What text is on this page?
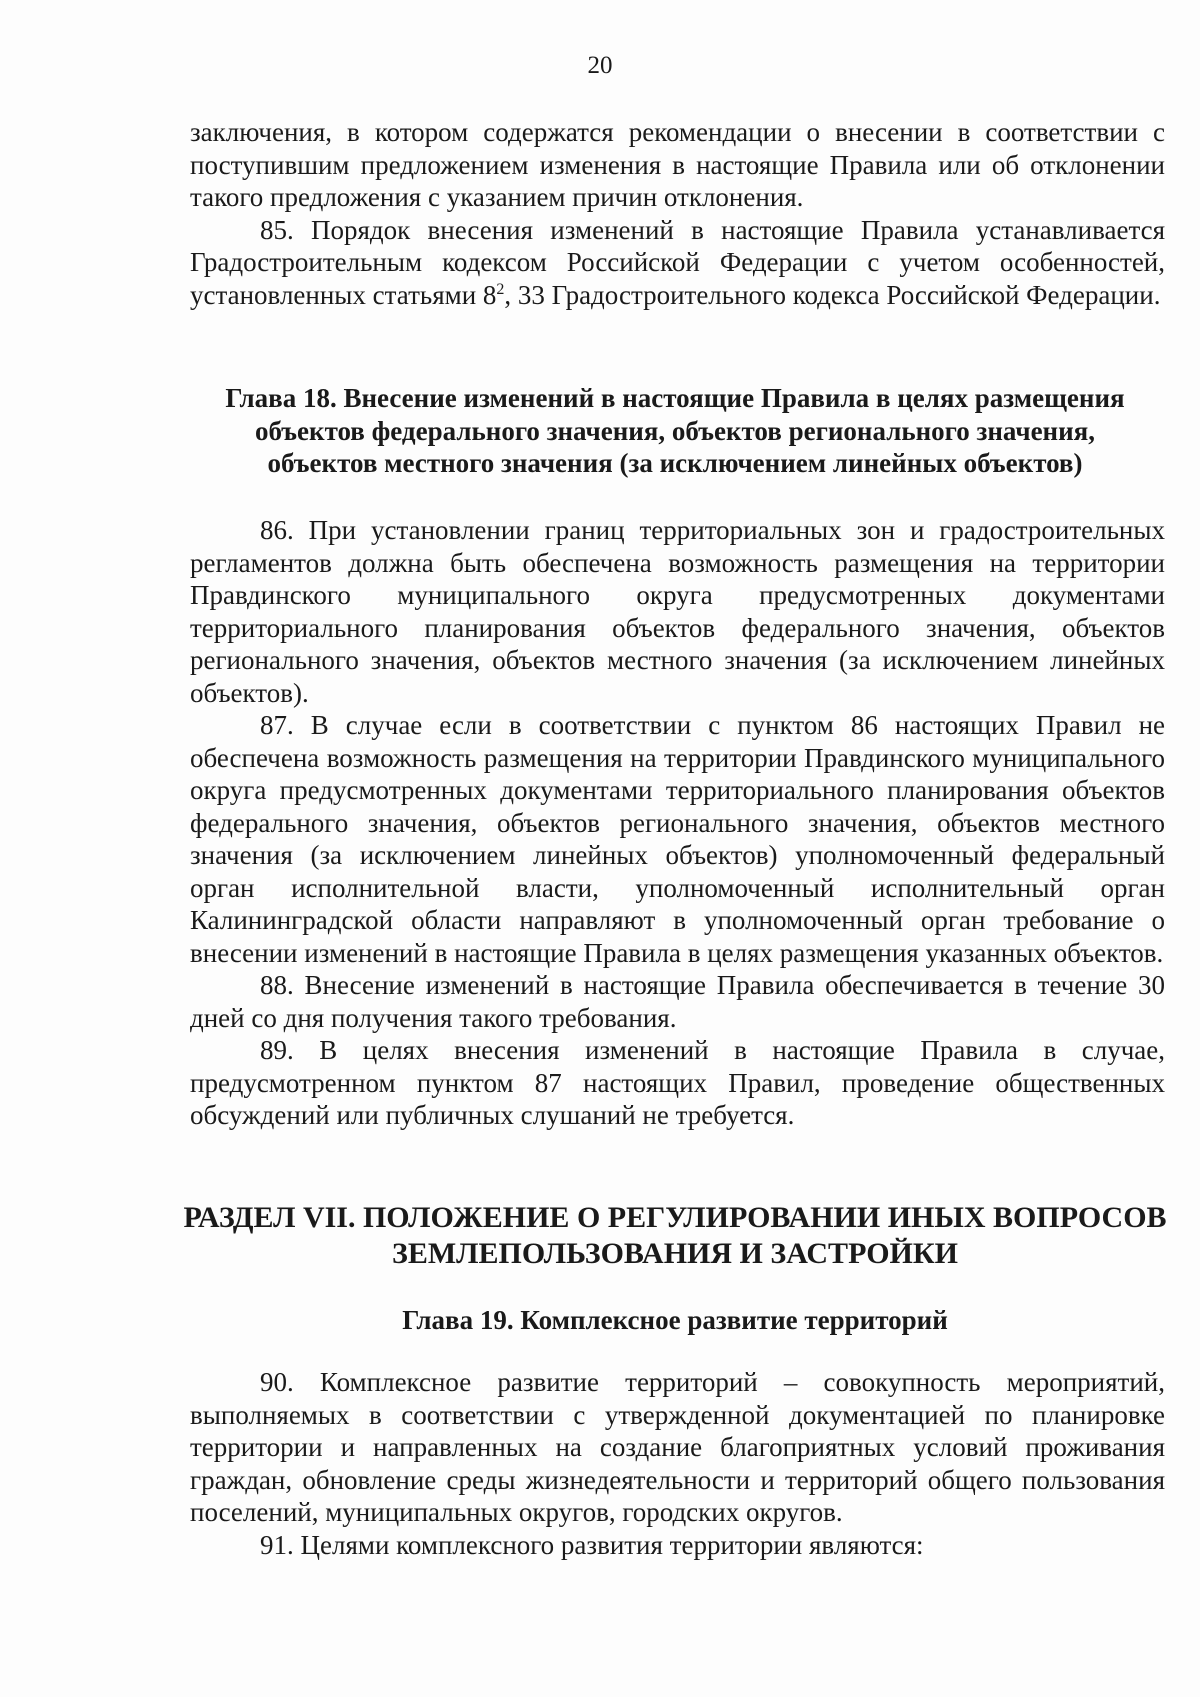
20

заключения, в котором содержатся рекомендации о внесении в соответствии с поступившим предложением изменения в настоящие Правила или об отклонении такого предложения с указанием причин отклонения.

85. Порядок внесения изменений в настоящие Правила устанавливается Градостроительным кодексом Российской Федерации с учетом особенностей, установленных статьями $8^2$, 33 Градостроительного кодекса Российской Федерации.

Глава 18. Внесение изменений в настоящие Правила в целях размещения
объектов федерального значения, объектов регионального значения,
объектов местного значения (за исключением линейных объектов)

86. При установлении границ территориальных зон и градостроительных регламентов должна быть обеспечена возможность размещения на территории Правдинского муниципального округа предусмотренных документами территориального планирования объектов федерального значения, объектов регионального значения, объектов местного значения (за исключением линейных объектов).

87. В случае если в соответствии с пунктом 86 настоящих Правил не обеспечена возможность размещения на территории Правдинского муниципального округа предусмотренных документами территориального планирования объектов федерального значения, объектов регионального значения, объектов местного значения (за исключением линейных объектов) уполномоченный федеральный орган исполнительной власти, уполномоченный исполнительный орган Калининградской области направляют в уполномоченный орган требование о внесении изменений в настоящие Правила в целях размещения указанных объектов.

88. Внесение изменений в настоящие Правила обеспечивается в течение 30 дней со дня получения такого требования.

89. В целях внесения изменений в настоящие Правила в случае, предусмотренном пунктом 87 настоящих Правил, проведение общественных обсуждений или публичных слушаний не требуется.

РАЗДЕЛ VII. ПОЛОЖЕНИЕ О РЕГУЛИРОВАНИИ ИНЫХ ВОПРОСОВ
ЗЕМЛЕПОЛЬЗОВАНИЯ И ЗАСТРОЙКИ
Глава 19. Комплексное развитие территорий

90. Комплексное развитие территорий – совокупность мероприятий, выполняемых в соответствии с утвержденной документацией по планировке территории и направленных на создание благоприятных условий проживания граждан, обновление среды жизнедеятельности и территорий общего пользования поселений, муниципальных округов, городских округов.

91. Целями комплексного развития территории являются:
